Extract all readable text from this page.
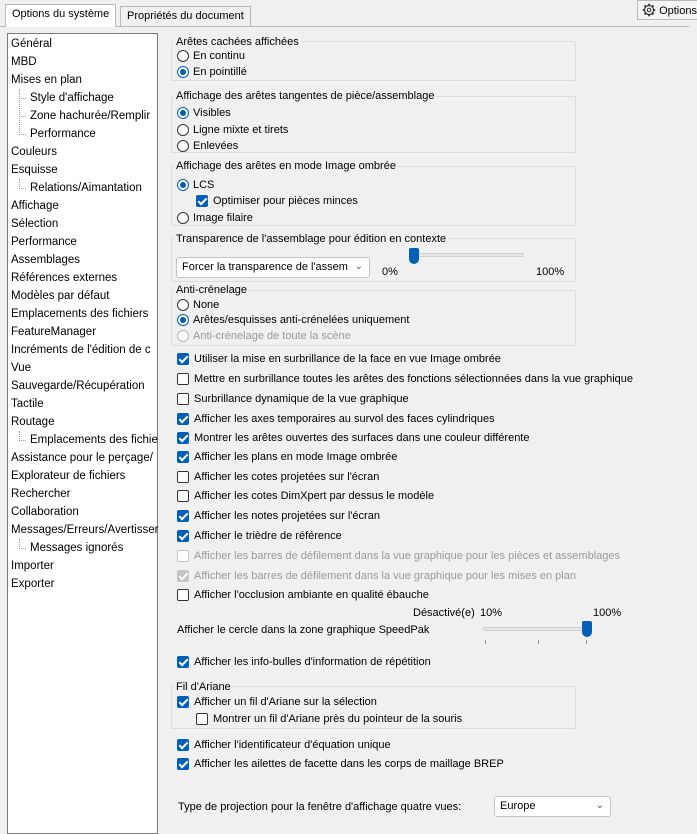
Options du système	Propriétés du document	Options
Général
MBD
Mises en plan
Style d'affichage
Zone hachurée/Remplir
Performance
Couleurs
Esquisse
Relations/Aimantation
Affichage
Sélection
Performance
Assemblages
Références externes
Modèles par défaut
Emplacements des fichiers
FeatureManager
Incréments de l'édition de c
Vue
Sauvegarde/Récupération
Tactile
Routage
Emplacements des fichie
Assistance pour le perçage/
Explorateur de fichiers
Rechercher
Collaboration
Messages/Erreurs/Avertisser
Messages ignorés
Importer
Exporter
Arêtes cachées affichées
En continu
En pointillé
Affichage des arêtes tangentes de pièce/assemblage
Visibles
Ligne mixte et tirets
Enlevées
Affichage des arêtes en mode Image ombrée
LCS
Optimiser pour pièces minces
Image filaire
Transparence de l'assemblage pour édition en contexte
Forcer la transparence de l'assem ⌄ 0%	100%
Anti-crénelage
None
Arêtes/esquisses anti-crénelées uniquement
Anti-crénelage de toute la scène
Utiliser la mise en surbrillance de la face en vue Image ombrée
Mettre en surbrillance toutes les arêtes des fonctions sélectionnées dans la vue graphique
Surbrillance dynamique de la vue graphique
Afficher les axes temporaires au survol des faces cylindriques
Montrer les arêtes ouvertes des surfaces dans une couleur différente
Afficher les plans en mode Image ombrée
Afficher les cotes projetées sur l'écran
Afficher les cotes DimXpert par dessus le modèle
Afficher les notes projetées sur l'écran
Afficher le trièdre de référence
Afficher les barres de défilement dans la vue graphique pour les pièces et assemblages
Afficher les barres de défilement dans la vue graphique pour les mises en plan
Afficher l'occlusion ambiante en qualité ébauche
Désactivé(e) 10%	100%
Afficher le cercle dans la zone graphique SpeedPak
Afficher les info-bulles d'information de répétition
Fil d'Ariane
Afficher un fil d'Ariane sur la sélection
Montrer un fil d'Ariane près du pointeur de la souris
Afficher l'identificateur d'équation unique
Afficher les ailettes de facette dans les corps de maillage BREP
Type de projection pour la fenêtre d'affichage quatre vues:	Europe	⌄
